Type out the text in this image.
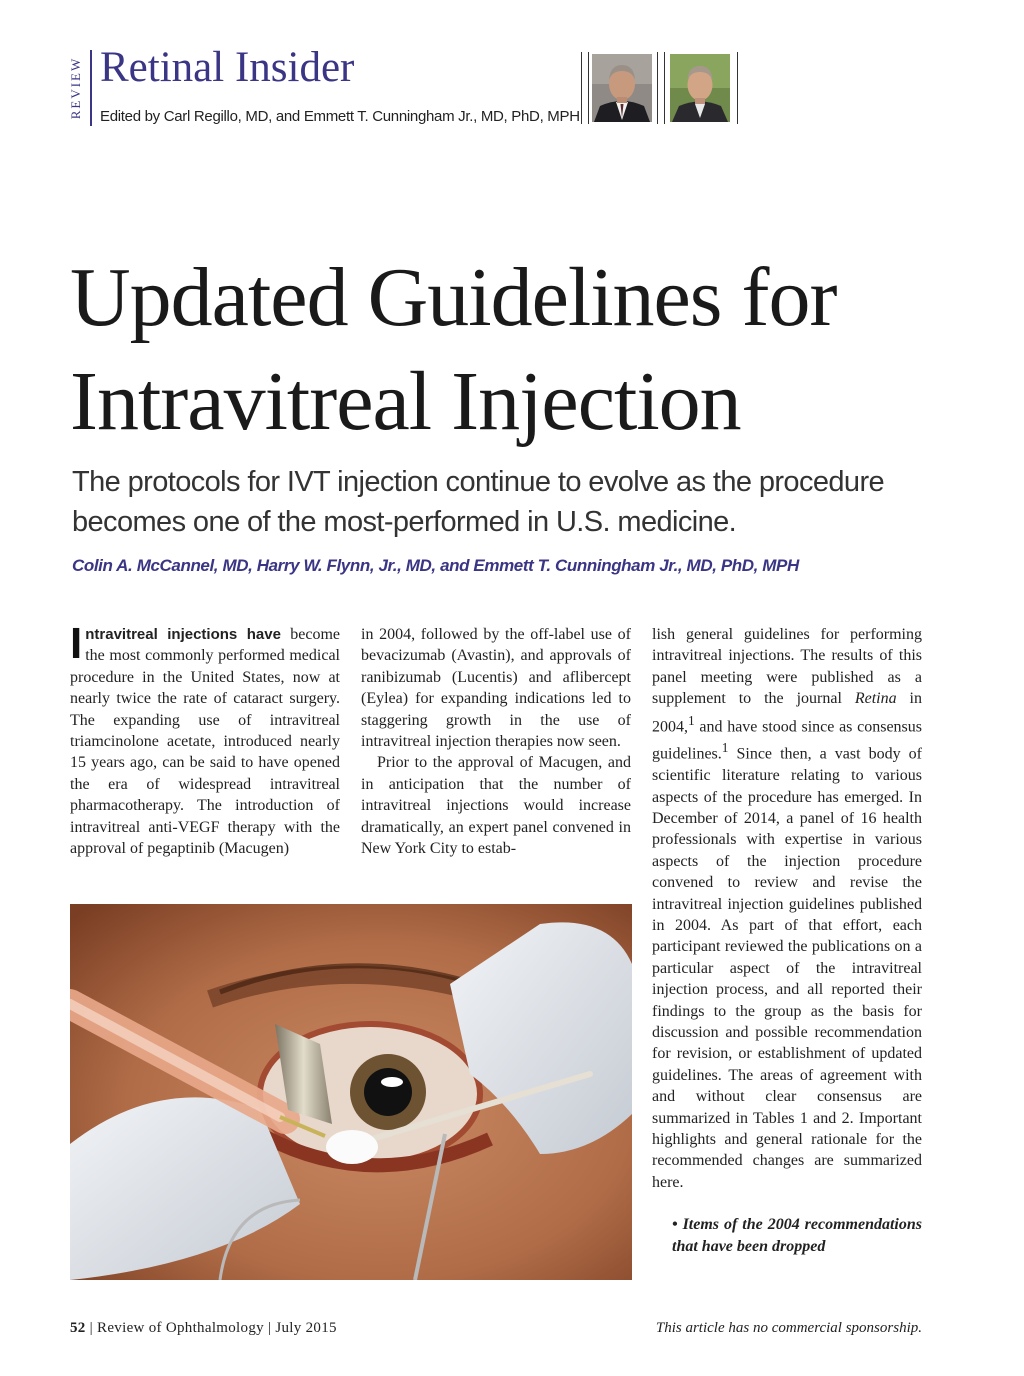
REVIEW Retinal Insider
Edited by Carl Regillo, MD, and Emmett T. Cunningham Jr., MD, PhD, MPH
Updated Guidelines for
Intravitreal Injection
The protocols for IVT injection continue to evolve as the procedure becomes one of the most-performed in U.S. medicine.
Colin A. McCannel, MD, Harry W. Flynn, Jr., MD, and Emmett T. Cunningham Jr., MD, PhD, MPH

Intravitreal injections have become the most commonly performed medical procedure in the United States, now at nearly twice the rate of cataract surgery. The expanding use of intravitreal triamcinolone acetate, introduced nearly 15 years ago, can be said to have opened the era of widespread intravitreal pharmacotherapy. The introduction of intravitreal anti-VEGF therapy with the approval of pegaptinib (Macugen)

in 2004, followed by the off-label use of bevacizumab (Avastin), and approvals of ranibizumab (Lucentis) and aflibercept (Eylea) for expanding indications led to staggering growth in the use of intravitreal injection therapies now seen.

Prior to the approval of Macugen, and in anticipation that the number of intravitreal injections would increase dramatically, an expert panel convened in New York City to estab-

lish general guidelines for performing intravitreal injections. The results of this panel meeting were published as a supplement to the journal Retina in 2004,$^1$ and have stood since as consensus guidelines.$^1$ Since then, a vast body of scientific literature relating to various aspects of the procedure has emerged. In December of 2014, a panel of 16 health professionals with expertise in various aspects of the injection procedure convened to review and revise the intravitreal injection guidelines published in 2004. As part of that effort, each participant reviewed the publications on a particular aspect of the intravitreal injection process, and all reported their findings to the group as the basis for discussion and possible recommendation for revision, or establishment of updated guidelines. The areas of agreement with and without clear consensus are summarized in Tables 1 and 2. Important highlights and general rationale for the recommended changes are summarized here.

• Items of the 2004 recommendations that have been dropped

52 | Review of Ophthalmology | July 2015	This article has no commercial sponsorship.
